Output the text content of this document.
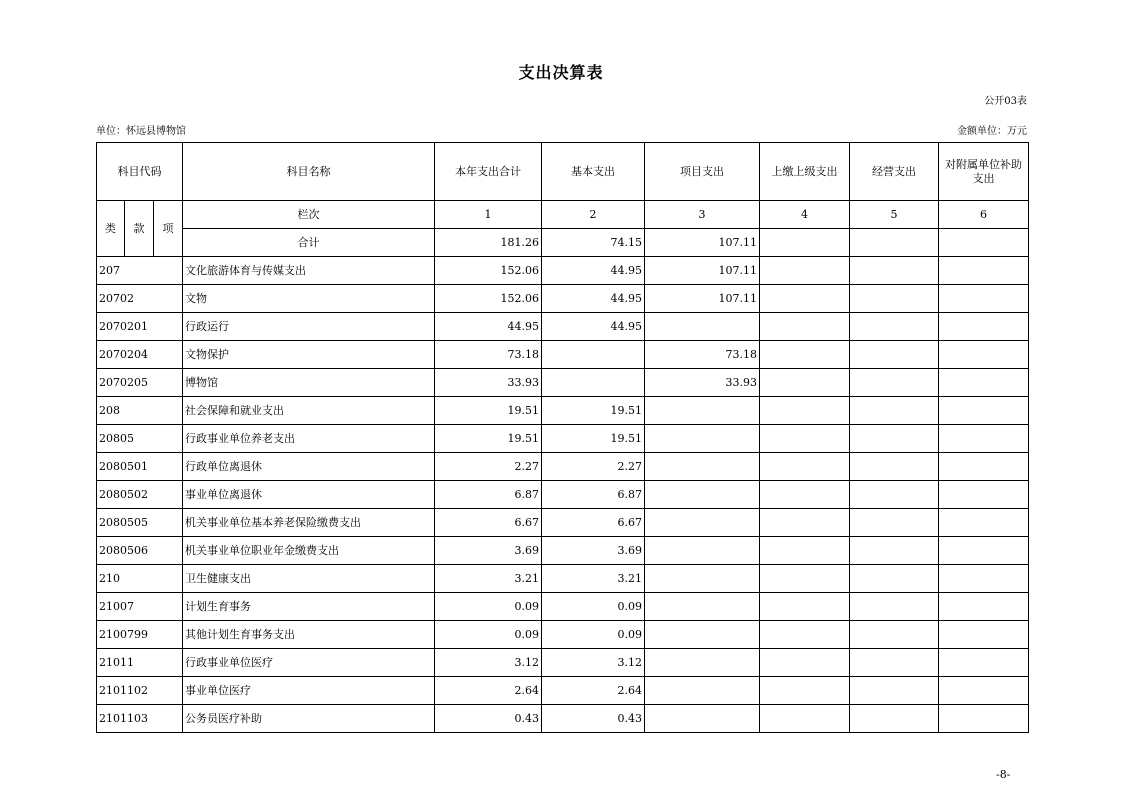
支出决算表
公开03表
单位：怀远县博物馆	金额单位：万元
科目代码			科目名称	本年支出合计	基本支出	项目支出	上缴上级支出	经营支出	对附属单位补助支出
类	款	项	栏次	1	2	3	4	5	6
			合计	181.26	74.15	107.11			
207			文化旅游体育与传媒支出	152.06	44.95	107.11			
20702			文物	152.06	44.95	107.11			
2070201			行政运行	44.95	44.95				
2070204			文物保护	73.18		73.18			
2070205			博物馆	33.93		33.93			
208			社会保障和就业支出	19.51	19.51				
20805			行政事业单位养老支出	19.51	19.51				
2080501			行政单位离退休	2.27	2.27				
2080502			事业单位离退休	6.87	6.87				
2080505			机关事业单位基本养老保险缴费支出	6.67	6.67				
2080506			机关事业单位职业年金缴费支出	3.69	3.69				
210			卫生健康支出	3.21	3.21				
21007			计划生育事务	0.09	0.09				
2100799			其他计划生育事务支出	0.09	0.09				
21011			行政事业单位医疗	3.12	3.12				
2101102			事业单位医疗	2.64	2.64				
2101103			公务员医疗补助	0.43	0.43				
-8-
